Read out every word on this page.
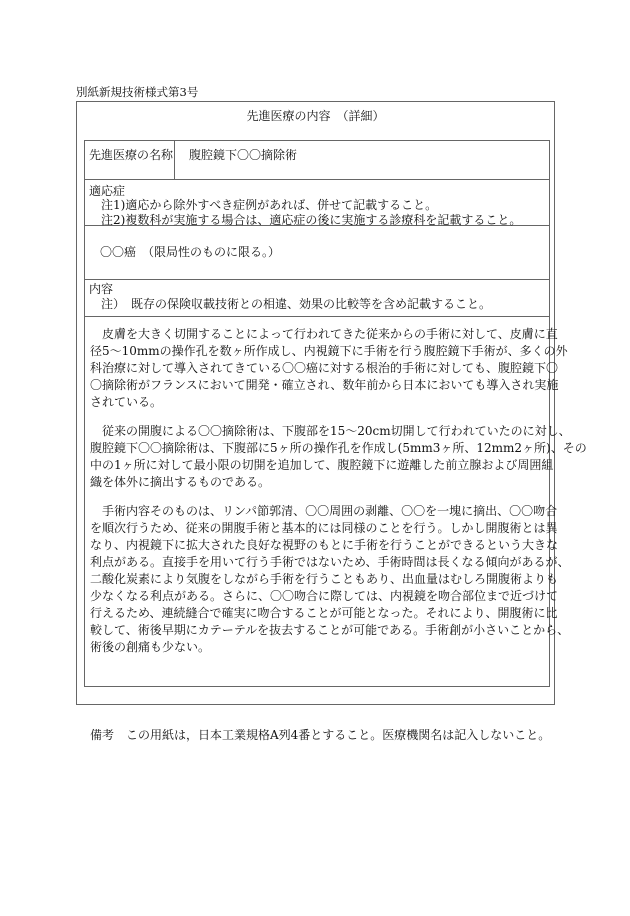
別紙新規技術様式第3号
先進医療の内容　（詳細）
先進医療の名称 腹腔鏡下〇〇摘除術
適応症
注1)適応から除外すべき症例があれば、併せて記載すること。
注2)複数科が実施する場合は、適応症の後に実施する診療科を記載すること。
〇〇癌　（限局性のものに限る。）
内容
注）　既存の保険収載技術との相違、効果の比較等を含め記載すること。
　皮膚を大きく切開することによって行われてきた従来からの手術に対して、皮膚に直
径5～10mmの操作孔を数ヶ所作成し、内視鏡下に手術を行う腹腔鏡下手術が、多くの外
科治療に対して導入されてきている〇〇癌に対する根治的手術に対しても、腹腔鏡下〇
〇摘除術がフランスにおいて開発・確立され、数年前から日本においても導入され実施
されている。
　従来の開腹による〇〇摘除術は、下腹部を15～20cm切開して行われていたのに対し、
腹腔鏡下〇〇摘除術は、下腹部に5ヶ所の操作孔を作成し(5mm3ヶ所、12mm2ヶ所)、その
中の1ヶ所に対して最小限の切開を追加して、腹腔鏡下に遊離した前立腺および周囲組
織を体外に摘出するものである。
　手術内容そのものは、リンパ節郭清、〇〇周囲の剥離、〇〇を一塊に摘出、〇〇吻合
を順次行うため、従来の開腹手術と基本的には同様のことを行う。しかし開腹術とは異
なり、内視鏡下に拡大された良好な視野のもとに手術を行うことができるという大きな
利点がある。直接手を用いて行う手術ではないため、手術時間は長くなる傾向があるが、
二酸化炭素により気腹をしながら手術を行うこともあり、出血量はむしろ開腹術よりも
少なくなる利点がある。さらに、〇〇吻合に際しては、内視鏡を吻合部位まで近づけて
行えるため、連続縫合で確実に吻合することが可能となった。それにより、開腹術に比
較して、術後早期にカテーテルを抜去することが可能である。手術創が小さいことから、
術後の創痛も少ない。
備考　この用紙は，日本工業規格A列4番とすること。医療機関名は記入しないこと。
